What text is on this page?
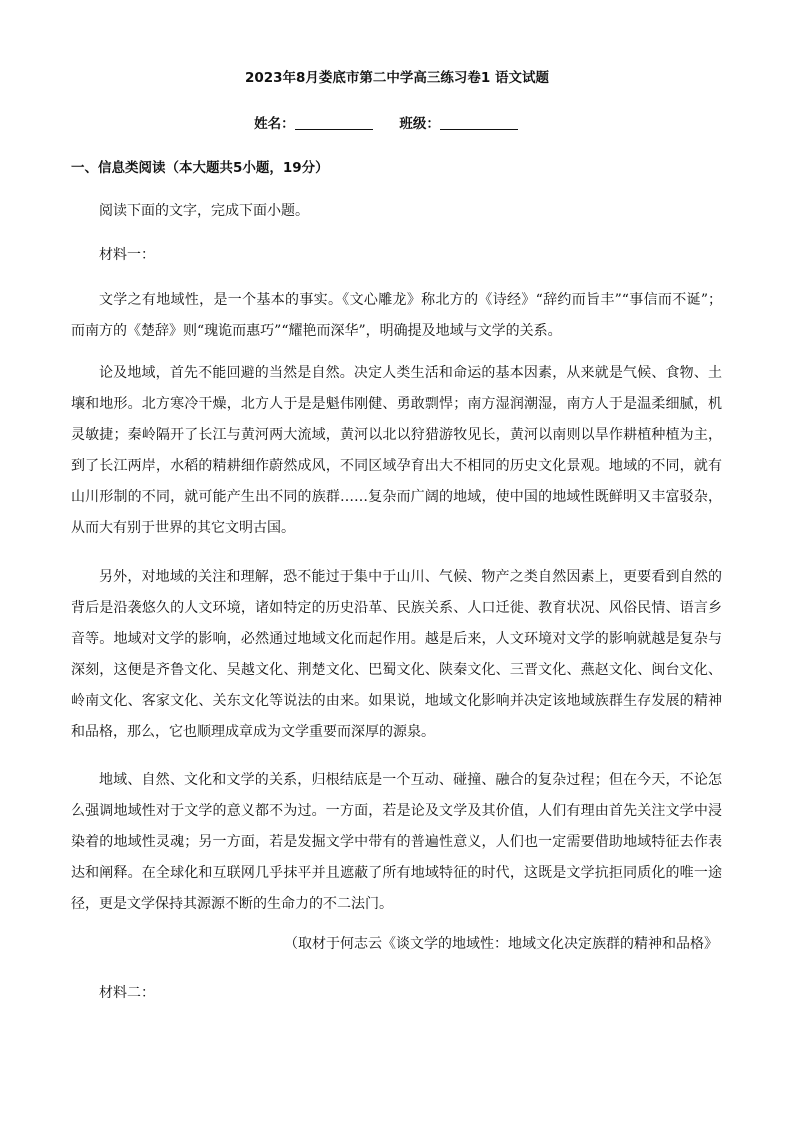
2023年8月娄底市第二中学高三练习卷1 语文试题
姓名：	班级：
一、信息类阅读（本大题共5小题，19分）
阅读下面的文字，完成下面小题。
材料一：
文学之有地域性，是一个基本的事实。《文心雕龙》称北方的《诗经》“辞约而旨丰”“事信而不诞”；而南方的《楚辞》则“瑰诡而惠巧”“耀艳而深华”，明确提及地域与文学的关系。
论及地域，首先不能回避的当然是自然。决定人类生活和命运的基本因素，从来就是气候、食物、土壤和地形。北方寒冷干燥，北方人于是是魁伟刚健、勇敢剽悍；南方湿润潮湿，南方人于是温柔细腻，机灵敏捷；秦岭隔开了长江与黄河两大流域，黄河以北以狩猎游牧见长，黄河以南则以旱作耕植种植为主，到了长江两岸，水稻的精耕细作蔚然成风，不同区域孕育出大不相同的历史文化景观。地域的不同，就有山川形制的不同，就可能产生出不同的族群……复杂而广阔的地域，使中国的地域性既鲜明又丰富驳杂，从而大有别于世界的其它文明古国。
另外，对地域的关注和理解，恐不能过于集中于山川、气候、物产之类自然因素上，更要看到自然的背后是沿袭悠久的人文环境，诸如特定的历史沿革、民族关系、人口迁徙、教育状况、风俗民情、语言乡音等。地域对文学的影响，必然通过地域文化而起作用。越是后来，人文环境对文学的影响就越是复杂与深刻，这便是齐鲁文化、吴越文化、荆楚文化、巴蜀文化、陕秦文化、三晋文化、燕赵文化、闽台文化、岭南文化、客家文化、关东文化等说法的由来。如果说，地域文化影响并决定该地域族群生存发展的精神和品格，那么，它也顺理成章成为文学重要而深厚的源泉。
地域、自然、文化和文学的关系，归根结底是一个互动、碰撞、融合的复杂过程；但在今天，不论怎么强调地域性对于文学的意义都不为过。一方面，若是论及文学及其价值，人们有理由首先关注文学中浸染着的地域性灵魂；另一方面，若是发掘文学中带有的普遍性意义，人们也一定需要借助地域特征去作表达和阐释。在全球化和互联网几乎抹平并且遮蔽了所有地域特征的时代，这既是文学抗拒同质化的唯一途径，更是文学保持其源源不断的生命力的不二法门。
（取材于何志云《谈文学的地域性：地域文化决定族群的精神和品格》
材料二：
